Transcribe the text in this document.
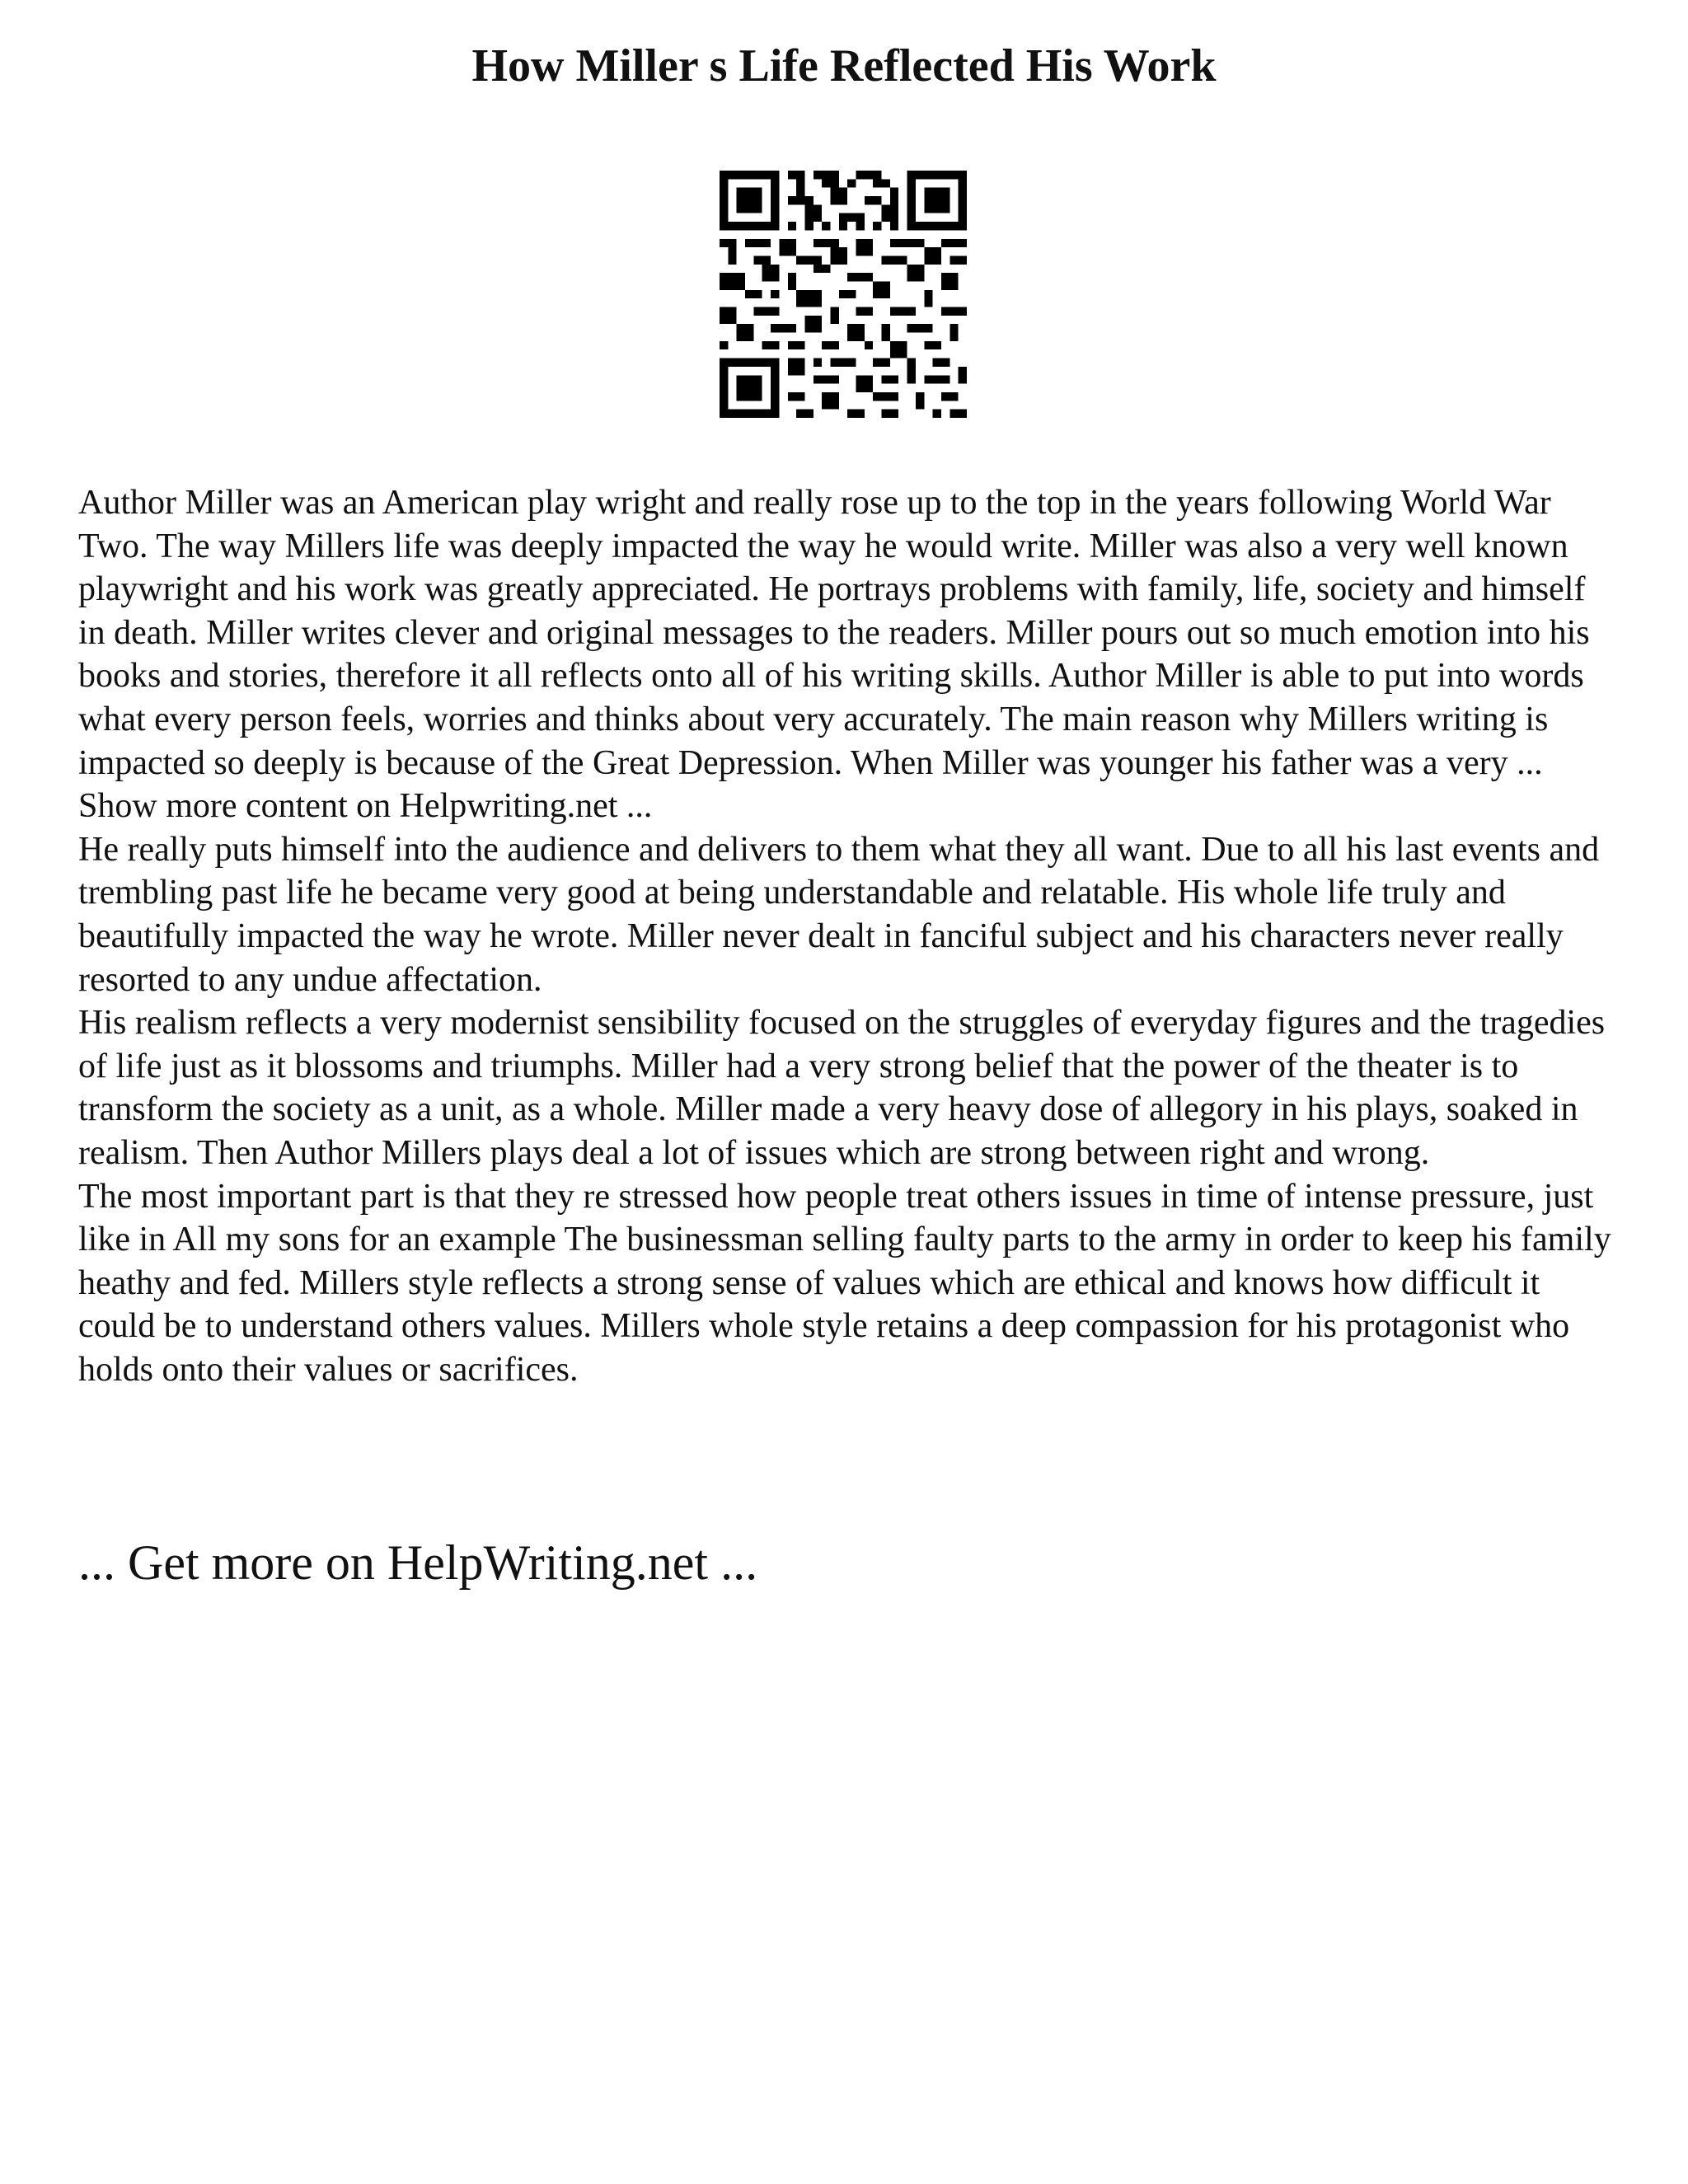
How Miller s Life Reflected His Work

Author Miller was an American play wright and really rose up to the top in the years following World War Two. The way Millers life was deeply impacted the way he would write. Miller was also a very well known playwright and his work was greatly appreciated. He portrays problems with family, life, society and himself in death. Miller writes clever and original messages to the readers. Miller pours out so much emotion into his books and stories, therefore it all reflects onto all of his writing skills. Author Miller is able to put into words what every person feels, worries and thinks about very accurately. The main reason why Millers writing is impacted so deeply is because of the Great Depression. When Miller was younger his father was a very ... Show more content on Helpwriting.net ...

He really puts himself into the audience and delivers to them what they all want. Due to all his last events and trembling past life he became very good at being understandable and relatable. His whole life truly and beautifully impacted the way he wrote. Miller never dealt in fanciful subject and his characters never really resorted to any undue affectation.

His realism reflects a very modernist sensibility focused on the struggles of everyday figures and the tragedies of life just as it blossoms and triumphs. Miller had a very strong belief that the power of the theater is to transform the society as a unit, as a whole. Miller made a very heavy dose of allegory in his plays, soaked in realism. Then Author Millers plays deal a lot of issues which are strong between right and wrong.

The most important part is that they re stressed how people treat others issues in time of intense pressure, just like in All my sons for an example The businessman selling faulty parts to the army in order to keep his family heathy and fed. Millers style reflects a strong sense of values which are ethical and knows how difficult it could be to understand others values. Millers whole style retains a deep compassion for his protagonist who holds onto their values or sacrifices.

... Get more on HelpWriting.net ...
